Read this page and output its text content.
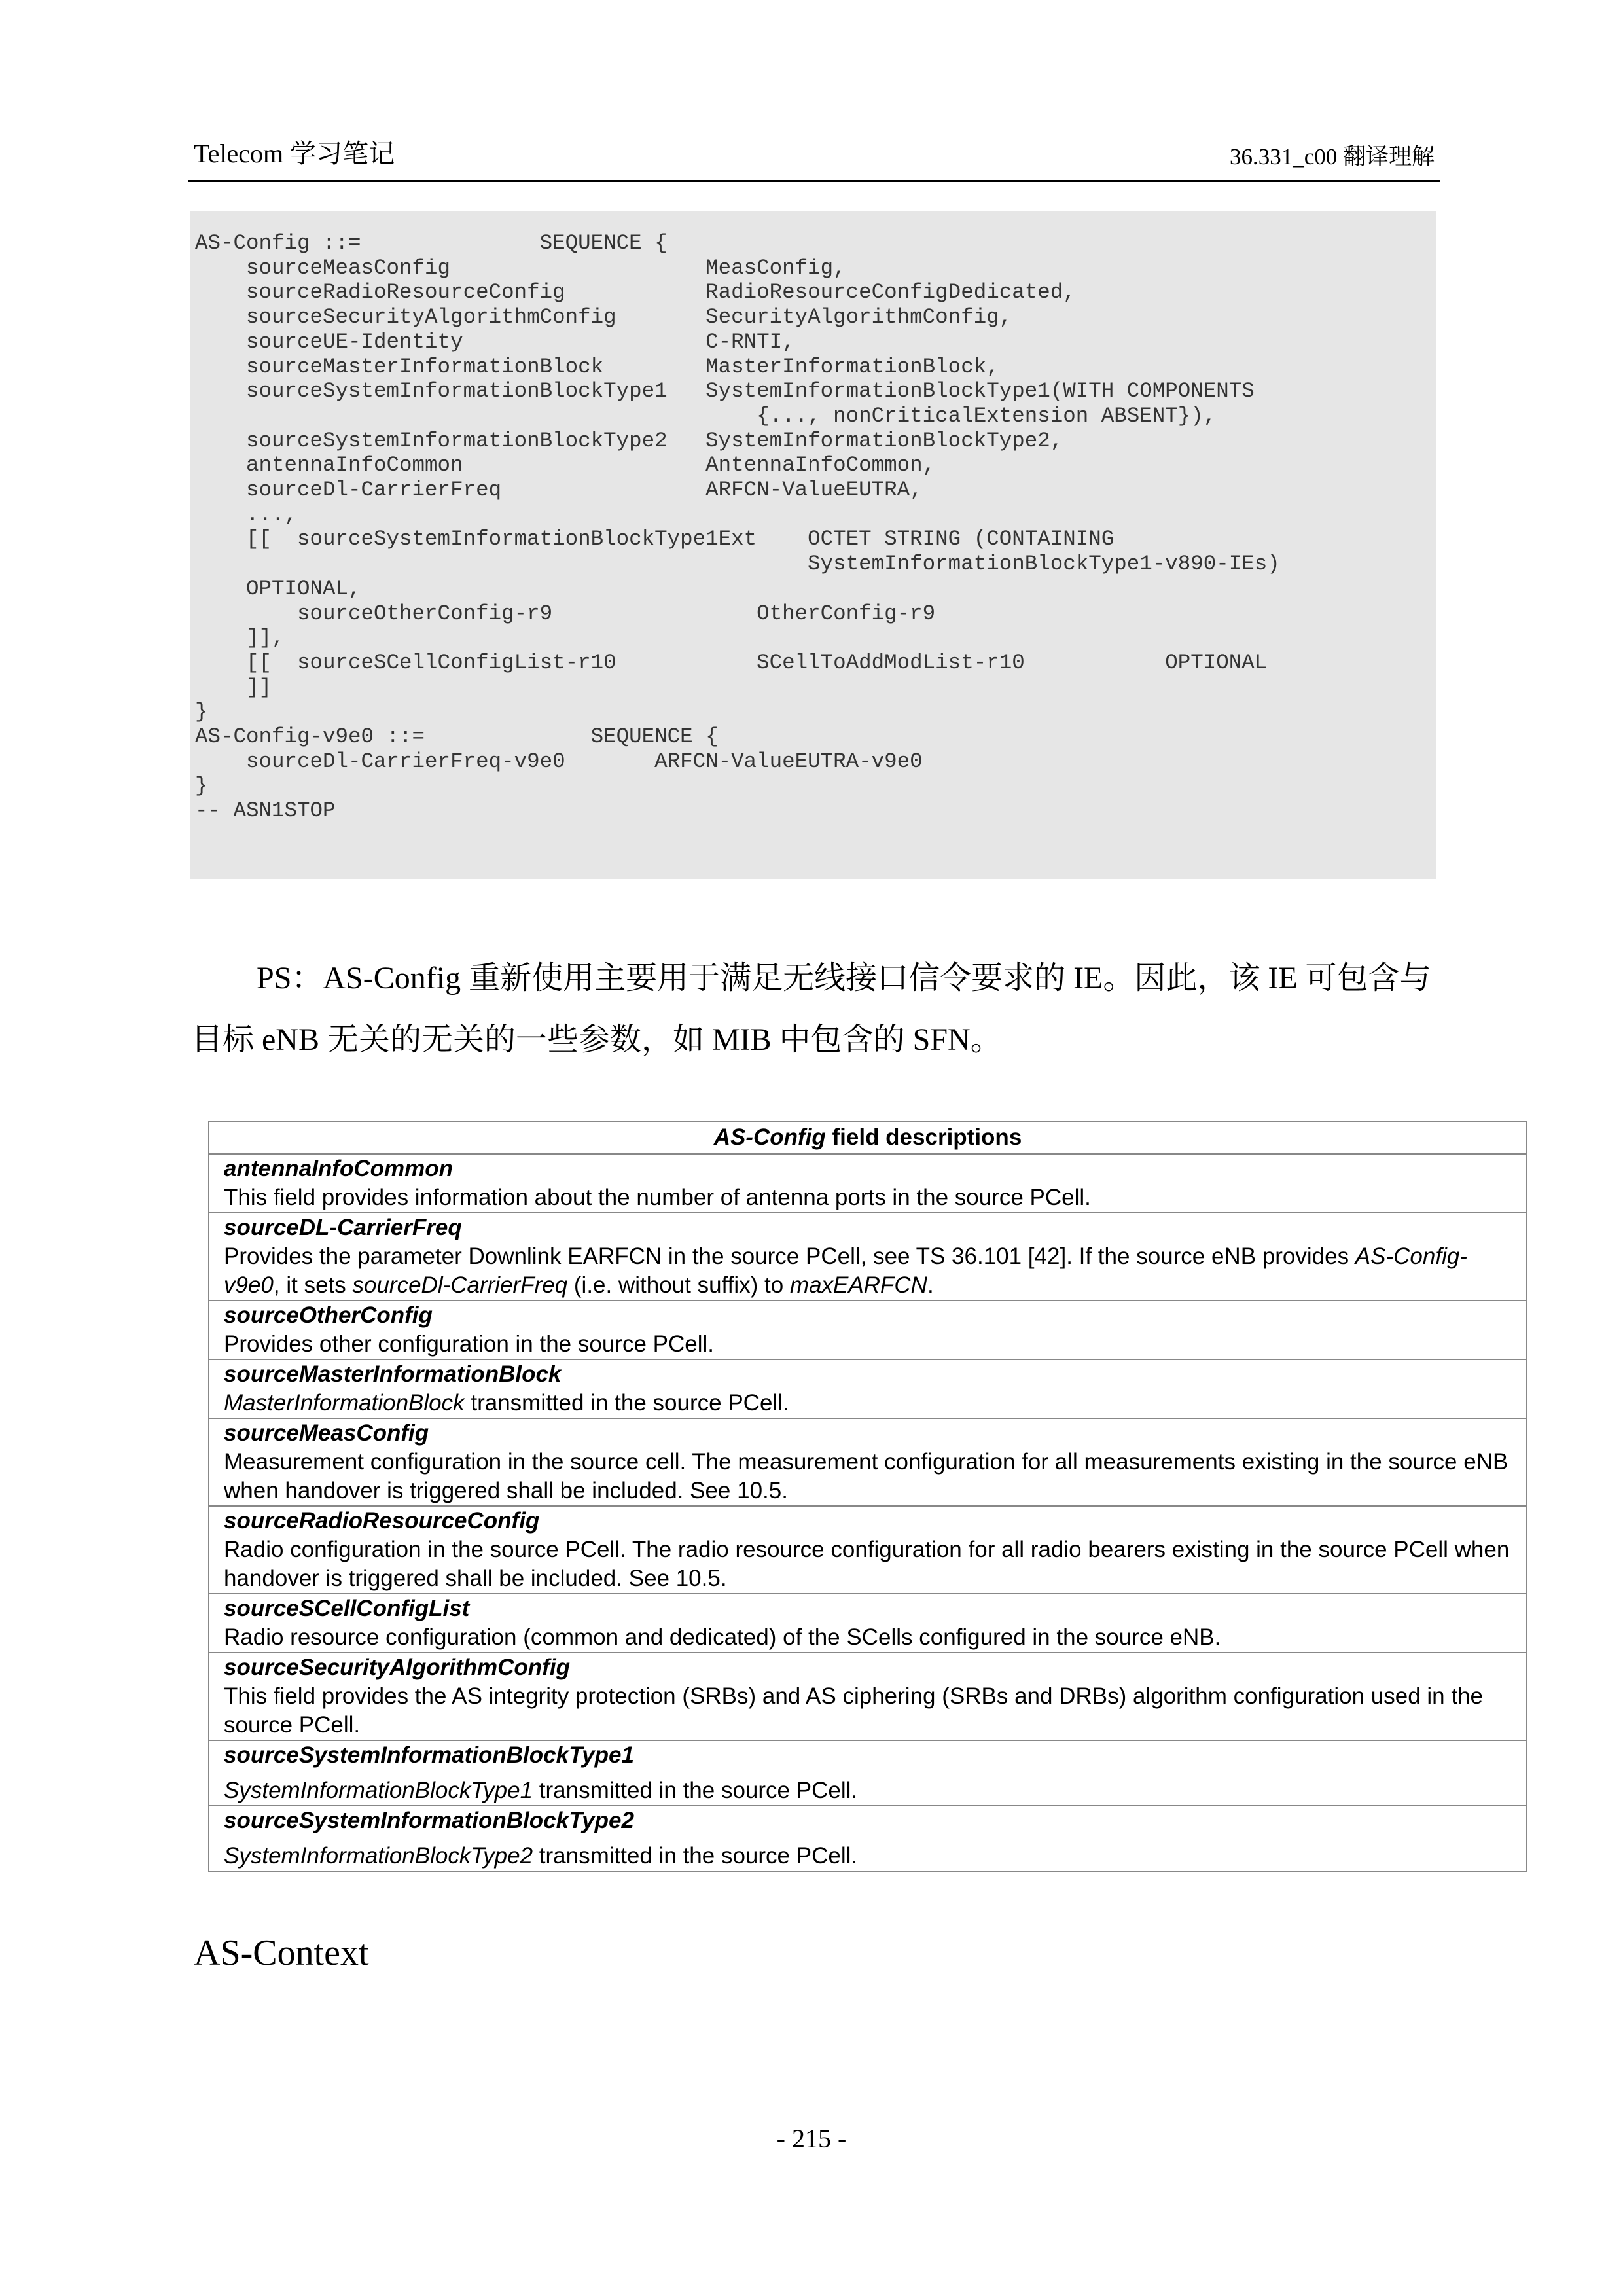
Telecom 学习笔记	36.331_c00 翻译理解
AS-Config ::=              SEQUENCE {
sourceMeasConfig                    MeasConfig,
sourceRadioResourceConfig           RadioResourceConfigDedicated,
sourceSecurityAlgorithmConfig       SecurityAlgorithmConfig,
sourceUE-Identity                   C-RNTI,
sourceMasterInformationBlock        MasterInformationBlock,
sourceSystemInformationBlockType1   SystemInformationBlockType1(WITH COMPONENTS
{..., nonCriticalExtension ABSENT}),
sourceSystemInformationBlockType2   SystemInformationBlockType2,
antennaInfoCommon                   AntennaInfoCommon,
sourceDl-CarrierFreq                ARFCN-ValueEUTRA,
...,
[[  sourceSystemInformationBlockType1Ext    OCTET STRING (CONTAINING
SystemInformationBlockType1-v890-IEs)
OPTIONAL,
sourceOtherConfig-r9                OtherConfig-r9
]],
[[  sourceSCellConfigList-r10           SCellToAddModList-r10           OPTIONAL
]]
}
AS-Config-v9e0 ::=             SEQUENCE {
sourceDl-CarrierFreq-v9e0       ARFCN-ValueEUTRA-v9e0
}
-- ASN1STOP

PS：AS-Config 重新使用主要用于满足无线接口信令要求的 IE。因此，该 IE 可包含与目标 eNB 无关的无关的一些参数，如 MIB 中包含的 SFN。

AS-Config field descriptions

antennaInfoCommon
This field provides information about the number of antenna ports in the source PCell.

sourceDL-CarrierFreq
Provides the parameter Downlink EARFCN in the source PCell, see TS 36.101 [42]. If the source eNB provides AS-Config-v9e0, it sets sourceDl-CarrierFreq (i.e. without suffix) to maxEARFCN.

sourceOtherConfig
Provides other configuration in the source PCell.

sourceMasterInformationBlock
MasterInformationBlock transmitted in the source PCell.

sourceMeasConfig
Measurement configuration in the source cell. The measurement configuration for all measurements existing in the source eNB when handover is triggered shall be included. See 10.5.

sourceRadioResourceConfig
Radio configuration in the source PCell. The radio resource configuration for all radio bearers existing in the source PCell when handover is triggered shall be included. See 10.5.

sourceSCellConfigList
Radio resource configuration (common and dedicated) of the SCells configured in the source eNB.

sourceSecurityAlgorithmConfig
This field provides the AS integrity protection (SRBs) and AS ciphering (SRBs and DRBs) algorithm configuration used in the source PCell.

sourceSystemInformationBlockType1
SystemInformationBlockType1 transmitted in the source PCell.

sourceSystemInformationBlockType2
SystemInformationBlockType2 transmitted in the source PCell.
AS-Context
- 215 -
